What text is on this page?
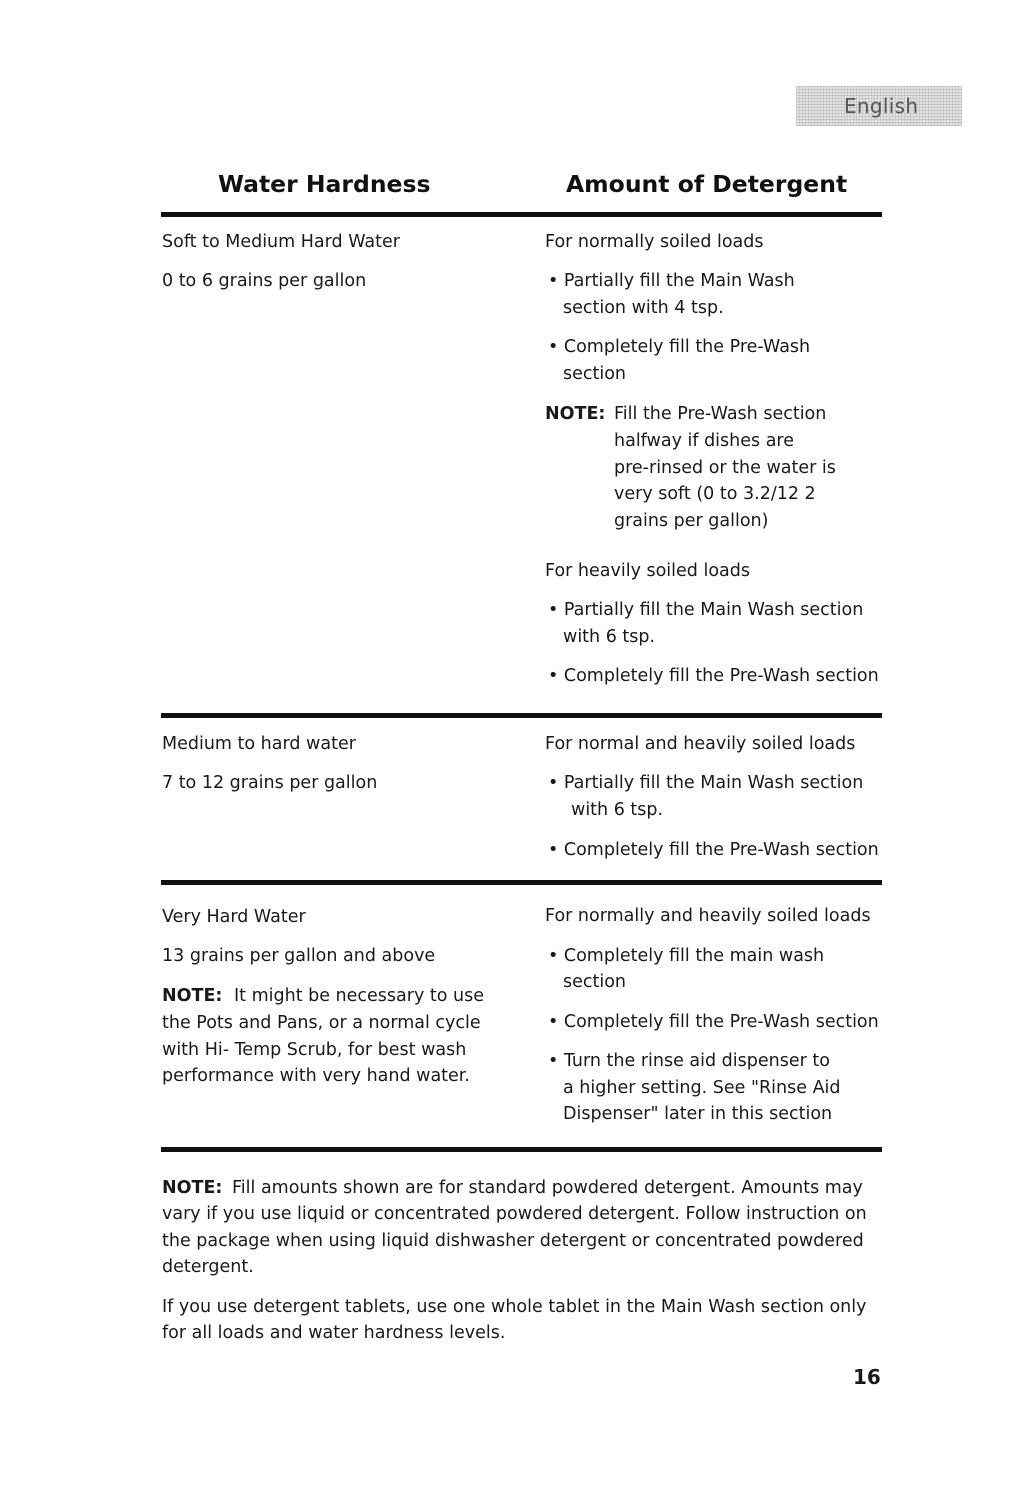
English
Water Hardness	Amount of Detergent
Soft to Medium Hard Water
0 to 6 grains per gallon
For normally soiled loads
• Partially fill the Main Wash
section with 4 tsp.
• Completely fill the Pre-Wash
section
NOTE: Fill the Pre-Wash section
halfway if dishes are
pre-rinsed or the water is
very soft (0 to 3.2/12 2
grains per gallon)
For heavily soiled loads
• Partially fill the Main Wash section
with 6 tsp.
• Completely fill the Pre-Wash section
Medium to hard water
7 to 12 grains per gallon
For normal and heavily soiled loads
• Partially fill the Main Wash section
with 6 tsp.
• Completely fill the Pre-Wash section
Very Hard Water
13 grains per gallon and above
NOTE: It might be necessary to use
the Pots and Pans, or a normal cycle
with Hi- Temp Scrub, for best wash
performance with very hand water.
For normally and heavily soiled loads
• Completely fill the main wash
section
• Completely fill the Pre-Wash section
• Turn the rinse aid dispenser to
a higher setting. See "Rinse Aid
Dispenser" later in this section
NOTE: Fill amounts shown are for standard powdered detergent. Amounts may
vary if you use liquid or concentrated powdered detergent. Follow instruction on
the package when using liquid dishwasher detergent or concentrated powdered
detergent.
If you use detergent tablets, use one whole tablet in the Main Wash section only
for all loads and water hardness levels.
16
